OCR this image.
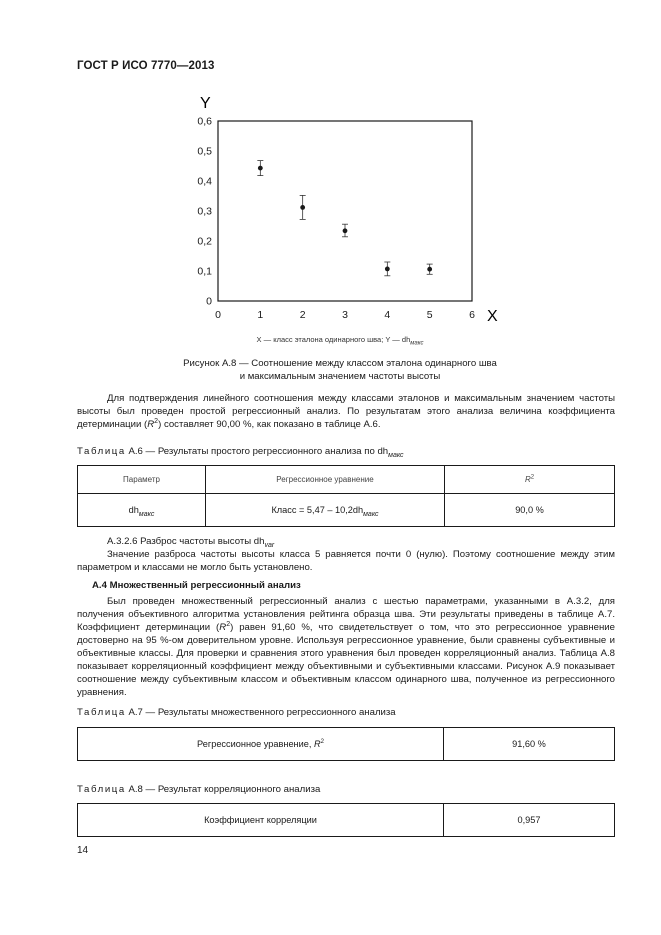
ГОСТ Р ИСО 7770—2013
0
0,1
0,2
0,3
0,4
0,5
0,6
0	1	2	3	4	5	6
Y
X
X — класс эталона одинарного шва; Y — $dh_{макс}$
Рисунок А.8 — Соотношение между классом эталона одинарного шва
и максимальным значением частоты высоты
Для подтверждения линейного соотношения между классами эталонов и максимальным значением частоты высоты был проведен простой регрессионный анализ. По результатам этого анализа величина коэффициента детерминации $(R^2)$ составляет 90,00 %, как показано в таблице А.6.
Таблица А.6 — Результаты простого регрессионного анализа по $dh_{макс}$
Параметр	Регрессионное уравнение	$R^2$
$dh_{макс}$	Класс = $5,47 - 10,2dh_{макс}$	90,0 %
А.3.2.6 Разброс частоты высоты $dh_{var}$
Значение разброса частоты высоты класса 5 равняется почти 0 (нулю). Поэтому соотношение между этим параметром и классами не могло быть установлено.
А.4 Множественный регрессионный анализ
Был проведен множественный регрессионный анализ с шестью параметрами, указанными в А.3.2, для получения объективного алгоритма установления рейтинга образца шва. Эти результаты приведены в таблице А.7. Коэффициент детерминации $(R^2)$ равен 91,60 %, что свидетельствует о том, что это регрессионное уравнение достоверно на 95 %-ом доверительном уровне. Используя регрессионное уравнение, были сравнены субъективные и объективные классы. Для проверки и сравнения этого уравнения был проведен корреляционный анализ. Таблица А.8 показывает корреляционный коэффициент между объективными и субъективными классами. Рисунок А.9 показывает соотношение между субъективным классом и объективным классом одинарного шва, полученное из регрессионного уравнения.
Таблица А.7 — Результаты множественного регрессионного анализа
Регрессионное уравнение, $R^2$	91,60 %
Таблица А.8 — Результат корреляционного анализа
Коэффициент корреляции	0,957
14
